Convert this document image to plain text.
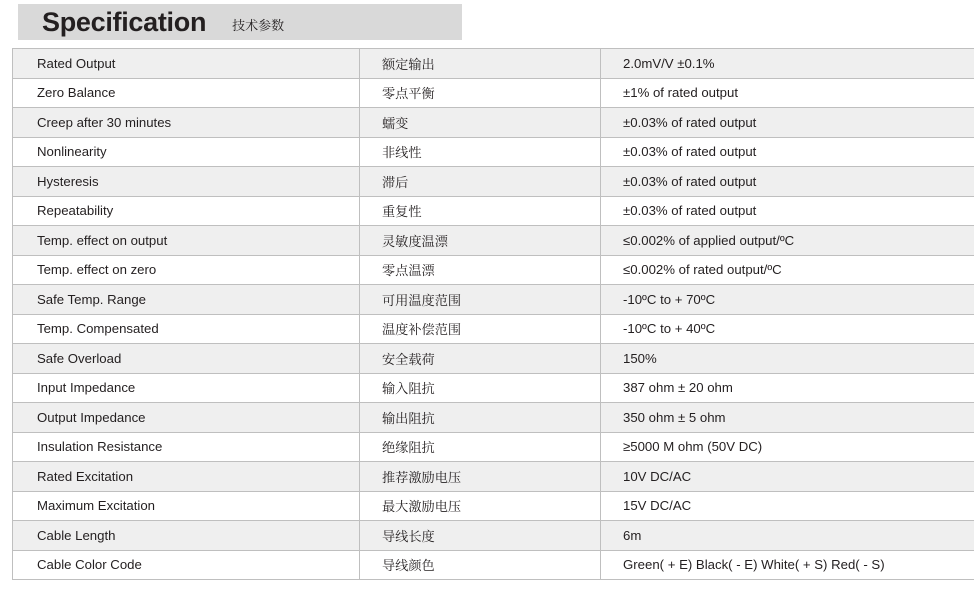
Specification 技术参数
Rated Output	额定输出	2.0mV/V ±0.1%
Zero Balance	零点平衡	±1% of rated output
Creep after 30 minutes	蠕变	±0.03% of rated output
Nonlinearity	非线性	±0.03% of rated output
Hysteresis	滞后	±0.03% of rated output
Repeatability	重复性	±0.03% of rated output
Temp. effect on output	灵敏度温漂	≤0.002% of applied output/ºC
Temp. effect on zero	零点温漂	≤0.002% of rated output/ºC
Safe Temp. Range	可用温度范围	-10ºC to + 70ºC
Temp. Compensated	温度补偿范围	-10ºC to + 40ºC
Safe Overload	安全载荷	150%
Input Impedance	输入阻抗	387 ohm ± 20 ohm
Output Impedance	输出阻抗	350 ohm ± 5 ohm
Insulation Resistance	绝缘阻抗	≥5000 M ohm (50V DC)
Rated Excitation	推荐激励电压	10V DC/AC
Maximum Excitation	最大激励电压	15V DC/AC
Cable Length	导线长度	6m
Cable Color Code	导线颜色	Green( + E) Black( - E) White( + S) Red( - S)
